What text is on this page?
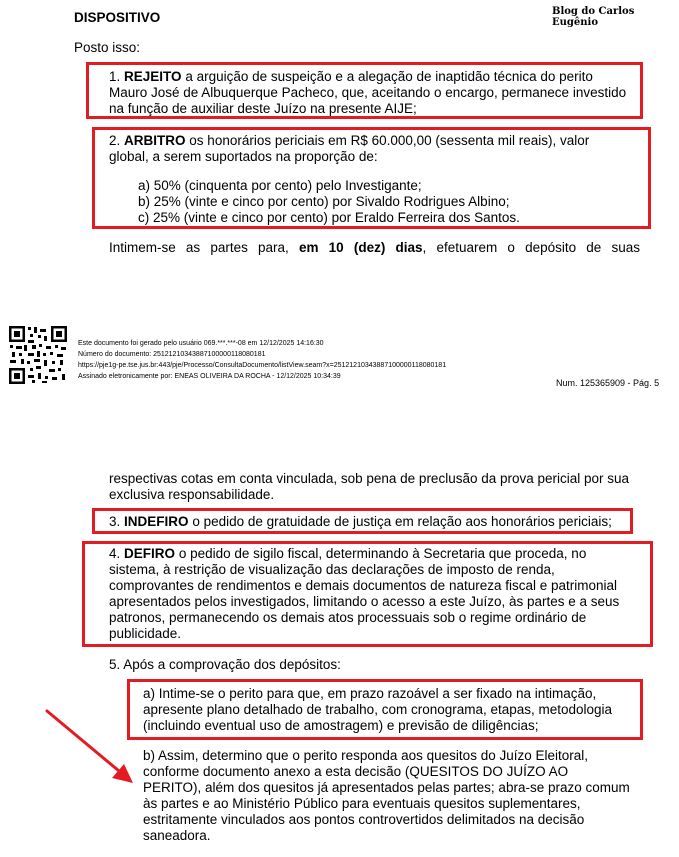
Blog do Carlos Eugênio
DISPOSITIVO
Posto isso:
1. REJEITO a arguição de suspeição e a alegação de inaptidão técnica do perito
Mauro José de Albuquerque Pacheco, que, aceitando o encargo, permanece investido
na função de auxiliar deste Juízo na presente AIJE;
2. ARBITRO os honorários periciais em R$ 60.000,00 (sessenta mil reais), valor
global, a serem suportados na proporção de:
a) 50% (cinquenta por cento) pelo Investigante;
b) 25% (vinte e cinco por cento) por Sivaldo Rodrigues Albino;
c) 25% (vinte e cinco por cento) por Eraldo Ferreira dos Santos.
Intimem-se as partes para, em 10 (dez) dias, efetuarem o depósito de suas
Este documento foi gerado pelo usuário 069.***.***-08 em 12/12/2025 14:16:30
Número do documento: 25121210343887100000118080181
https://pje1g-pe.tse.jus.br:443/pje/Processo/ConsultaDocumento/listView.seam?x=25121210343887100000118080181
Assinado eletronicamente por: ENEAS OLIVEIRA DA ROCHA - 12/12/2025 10:34:39
Num. 125365909 - Pág. 5
respectivas cotas em conta vinculada, sob pena de preclusão da prova pericial por sua
exclusiva responsabilidade.
3. INDEFIRO o pedido de gratuidade de justiça em relação aos honorários periciais;
4. DEFIRO o pedido de sigilo fiscal, determinando à Secretaria que proceda, no
sistema, à restrição de visualização das declarações de imposto de renda,
comprovantes de rendimentos e demais documentos de natureza fiscal e patrimonial
apresentados pelos investigados, limitando o acesso a este Juízo, às partes e a seus
patronos, permanecendo os demais atos processuais sob o regime ordinário de
publicidade.
5. Após a comprovação dos depósitos:
a) Intime-se o perito para que, em prazo razoável a ser fixado na intimação,
apresente plano detalhado de trabalho, com cronograma, etapas, metodologia
(incluindo eventual uso de amostragem) e previsão de diligências;
b) Assim, determino que o perito responda aos quesitos do Juízo Eleitoral,
conforme documento anexo a esta decisão (QUESITOS DO JUÍZO AO
PERITO), além dos quesitos já apresentados pelas partes; abra-se prazo comum
às partes e ao Ministério Público para eventuais quesitos suplementares,
estritamente vinculados aos pontos controvertidos delimitados na decisão
saneadora.
